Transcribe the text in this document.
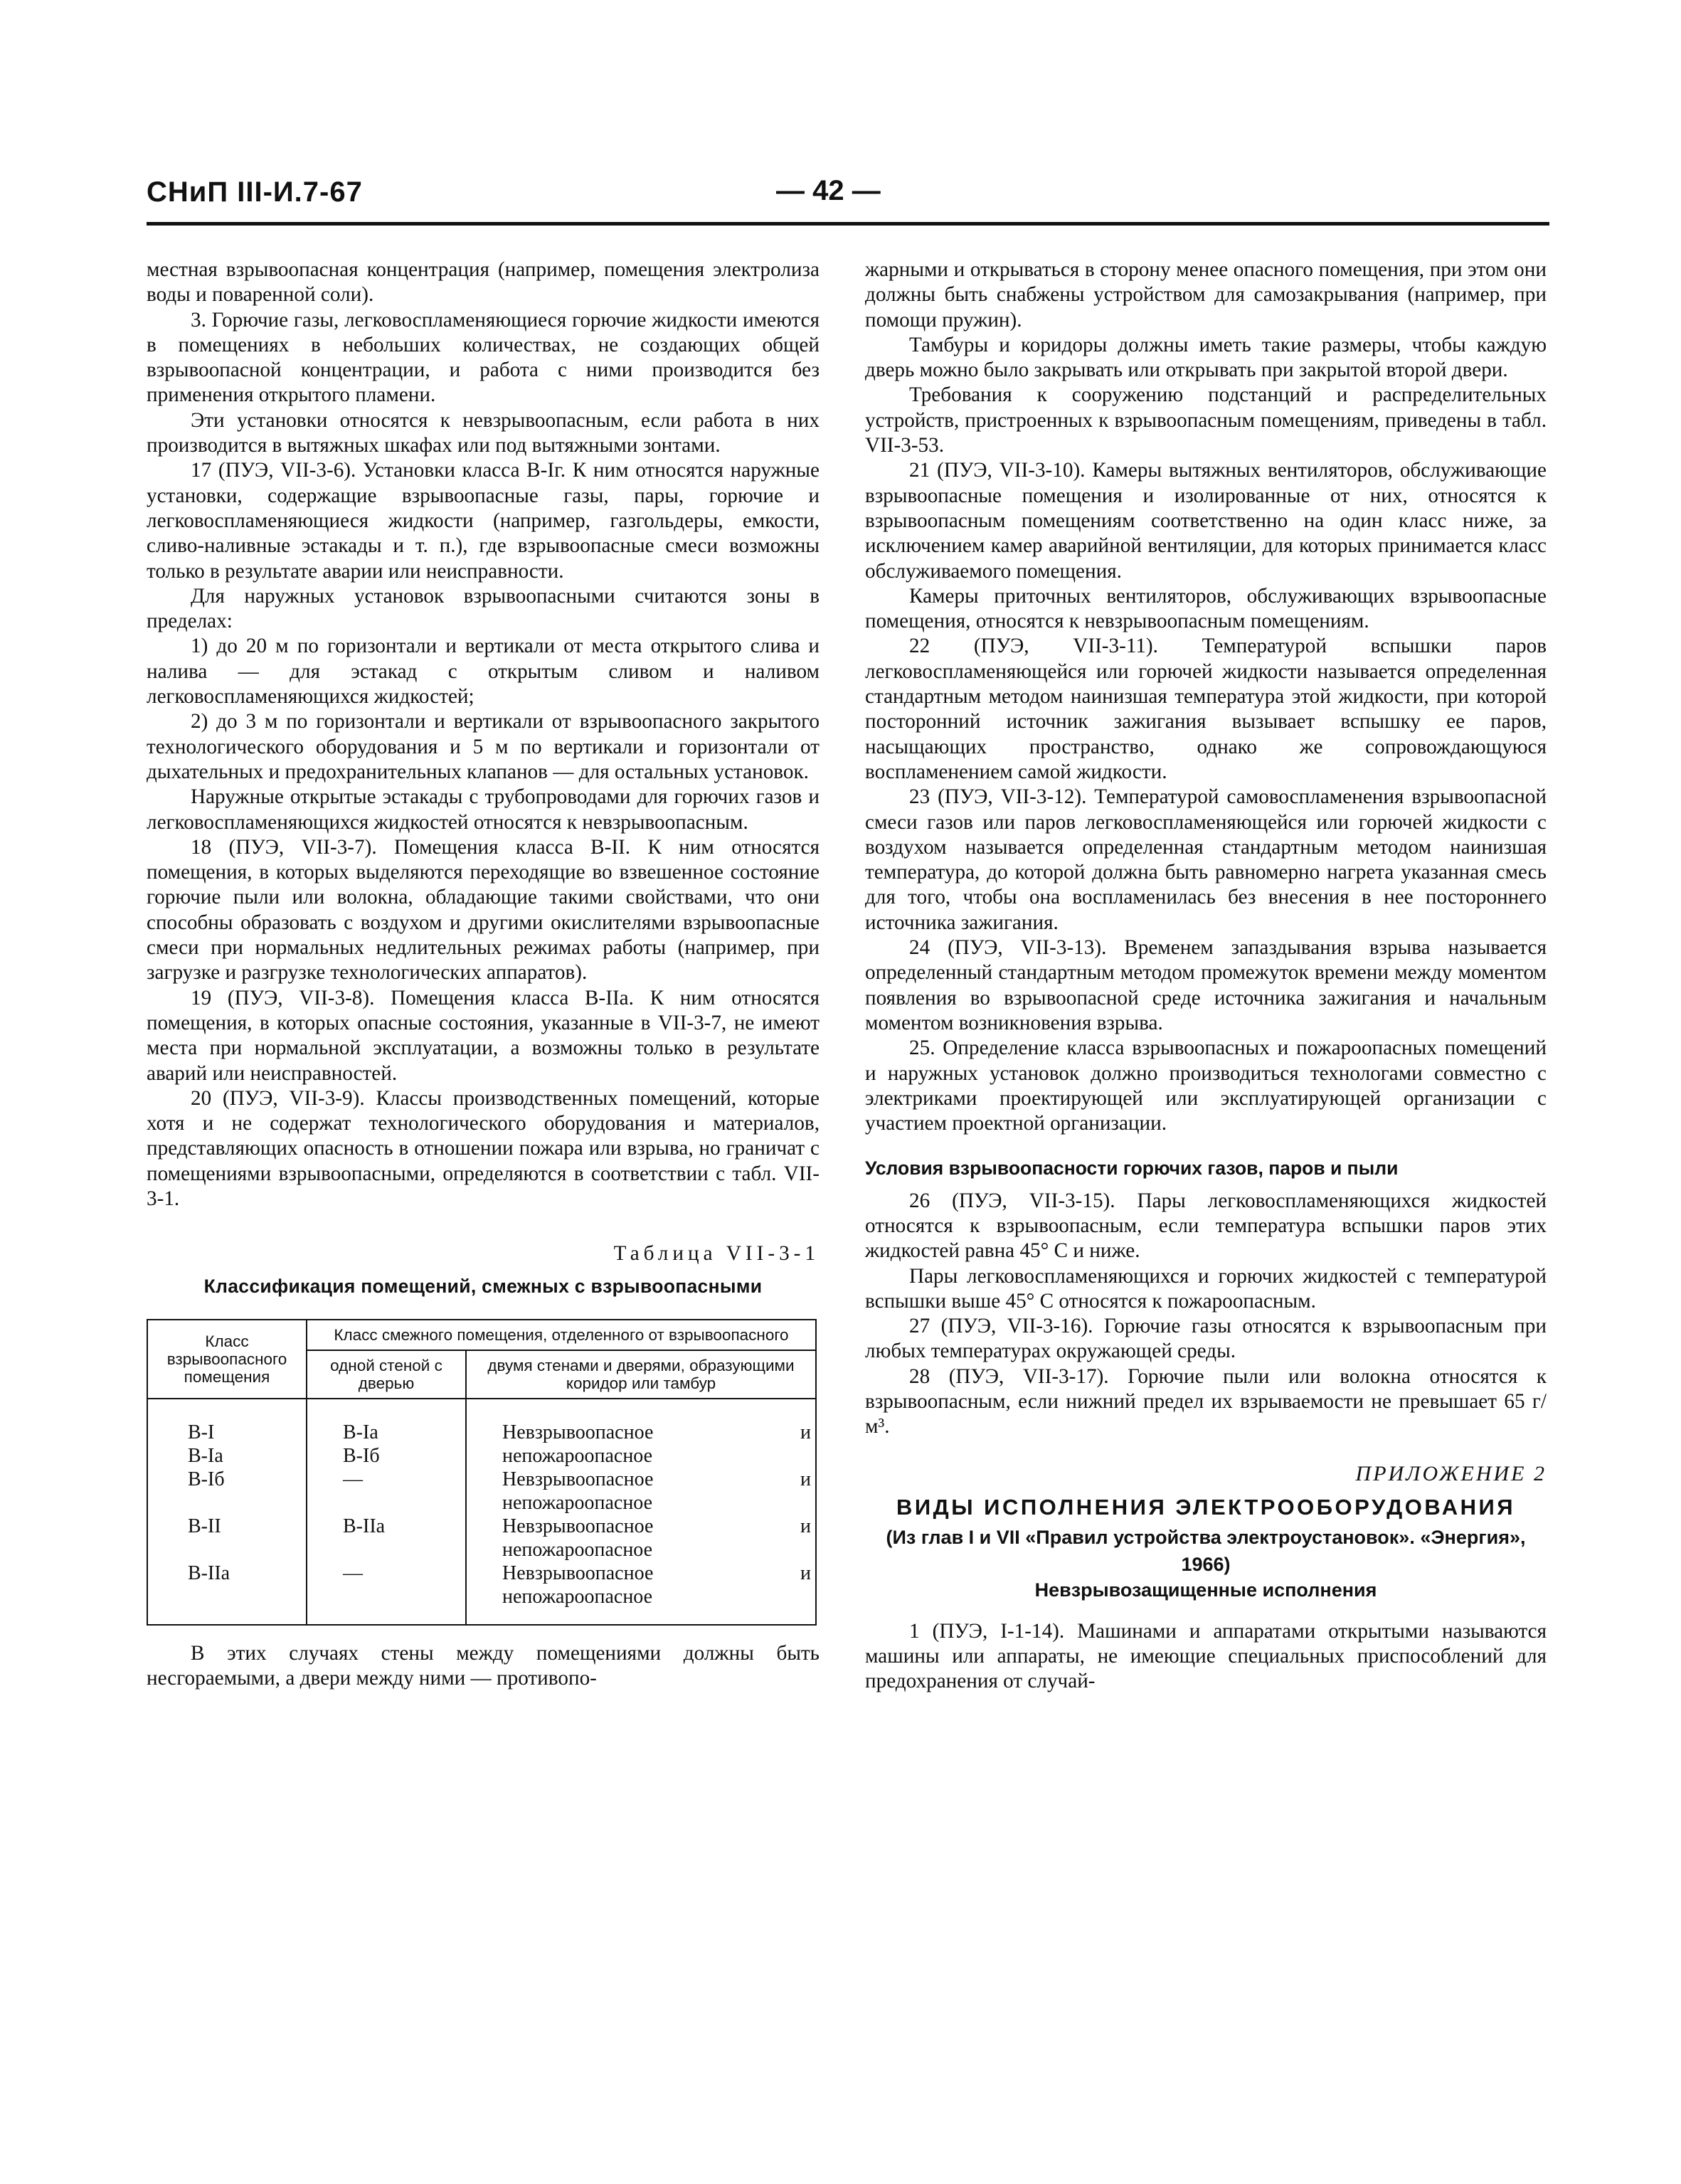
СНиП III-И.7-67	— 42 —

местная взрывоопасная концентрация (например, помещения электролиза воды и поваренной соли).

3. Горючие газы, легковоспламеняющиеся горючие жидкости имеются в помещениях в небольших количествах, не создающих общей взрывоопасной концентрации, и работа с ними производится без применения открытого пламени.

Эти установки относятся к невзрывоопасным, если работа в них производится в вытяжных шкафах или под вытяжными зонтами.

17 (ПУЭ, VII-3-6). Установки класса В-Iг. К ним относятся наружные установки, содержащие взрывоопасные газы, пары, горючие и легковоспламеняющиеся жидкости (например, газгольдеры, емкости, сливо-наливные эстакады и т. п.), где взрывоопасные смеси возможны только в результате аварии или неисправности.

Для наружных установок взрывоопасными считаются зоны в пределах:

1) до 20 м по горизонтали и вертикали от места открытого слива и налива — для эстакад с открытым сливом и наливом легковоспламеняющихся жидкостей;

2) до 3 м по горизонтали и вертикали от взрывоопасного закрытого технологического оборудования и 5 м по вертикали и горизонтали от дыхательных и предохранительных клапанов — для остальных установок.

Наружные открытые эстакады с трубопроводами для горючих газов и легковоспламеняющихся жидкостей относятся к невзрывоопасным.

18 (ПУЭ, VII-3-7). Помещения класса В-II. К ним относятся помещения, в которых выделяются переходящие во взвешенное состояние горючие пыли или волокна, обладающие такими свойствами, что они способны образовать с воздухом и другими окислителями взрывоопасные смеси при нормальных недлительных режимах работы (например, при загрузке и разгрузке технологических аппаратов).

19 (ПУЭ, VII-3-8). Помещения класса В-IIа. К ним относятся помещения, в которых опасные состояния, указанные в VII-3-7, не имеют места при нормальной эксплуатации, а возможны только в результате аварий или неисправностей.

20 (ПУЭ, VII-3-9). Классы производственных помещений, которые хотя и не содержат технологического оборудования и материалов, представляющих опасность в отношении пожара или взрыва, но граничат с помещениями взрывоопасными, определяются в соответствии с табл. VII-3-1.

Таблица VII-3-1

Классификация помещений, смежных с взрывоопасными

Класс взрывоопасного помещения	Класс смежного помещения, отделенного от взрывоопасного	
	одной стеной с дверью	двумя стенами и дверями, образующими коридор или тамбур
В-I	В-Iа	Невзрывоопасное и непожароопасное
В-Iа	В-Iб	
В-Iб	—	Невзрывоопасное и непожароопасное
В-II	В-IIа	Невзрывоопасное и непожароопасное
В-IIа	—	Невзрывоопасное и непожароопасное

В этих случаях стены между помещениями должны быть несгораемыми, а двери между ними — противопо-

жарными и открываться в сторону менее опасного помещения, при этом они должны быть снабжены устройством для самозакрывания (например, при помощи пружин).

Тамбуры и коридоры должны иметь такие размеры, чтобы каждую дверь можно было закрывать или открывать при закрытой второй двери.

Требования к сооружению подстанций и распределительных устройств, пристроенных к взрывоопасным помещениям, приведены в табл. VII-3-53.

21 (ПУЭ, VII-3-10). Камеры вытяжных вентиляторов, обслуживающие взрывоопасные помещения и изолированные от них, относятся к взрывоопасным помещениям соответственно на один класс ниже, за исключением камер аварийной вентиляции, для которых принимается класс обслуживаемого помещения.

Камеры приточных вентиляторов, обслуживающих взрывоопасные помещения, относятся к невзрывоопасным помещениям.

22 (ПУЭ, VII-3-11). Температурой вспышки паров легковоспламеняющейся или горючей жидкости называется определенная стандартным методом наинизшая температура этой жидкости, при которой посторонний источник зажигания вызывает вспышку ее паров, насыщающих пространство, однако же сопровождающуюся воспламенением самой жидкости.

23 (ПУЭ, VII-3-12). Температурой самовоспламенения взрывоопасной смеси газов или паров легковоспламеняющейся или горючей жидкости с воздухом называется определенная стандартным методом наинизшая температура, до которой должна быть равномерно нагрета указанная смесь для того, чтобы она воспламенилась без внесения в нее постороннего источника зажигания.

24 (ПУЭ, VII-3-13). Временем запаздывания взрыва называется определенный стандартным методом промежуток времени между моментом появления во взрывоопасной среде источника зажигания и начальным моментом возникновения взрыва.

25. Определение класса взрывоопасных и пожароопасных помещений и наружных установок должно производиться технологами совместно с электриками проектирующей или эксплуатирующей организации с участием проектной организации.

Условия взрывоопасности горючих газов, паров и пыли

26 (ПУЭ, VII-3-15). Пары легковоспламеняющихся жидкостей относятся к взрывоопасным, если температура вспышки паров этих жидкостей равна 45° С и ниже.

Пары легковоспламеняющихся и горючих жидкостей с температурой вспышки выше 45° С относятся к пожароопасным.

27 (ПУЭ, VII-3-16). Горючие газы относятся к взрывоопасным при любых температурах окружающей среды.

28 (ПУЭ, VII-3-17). Горючие пыли или волокна относятся к взрывоопасным, если нижний предел их взрываемости не превышает 65 г/м³.

ПРИЛОЖЕНИЕ 2

ВИДЫ ИСПОЛНЕНИЯ ЭЛЕКТРООБОРУДОВАНИЯ

(Из глав I и VII «Правил устройства электроустановок». «Энергия», 1966)

Невзрывозащищенные исполнения

1 (ПУЭ, I-1-14). Машинами и аппаратами открытыми называются машины или аппараты, не имеющие специальных приспособлений для предохранения от случай-
